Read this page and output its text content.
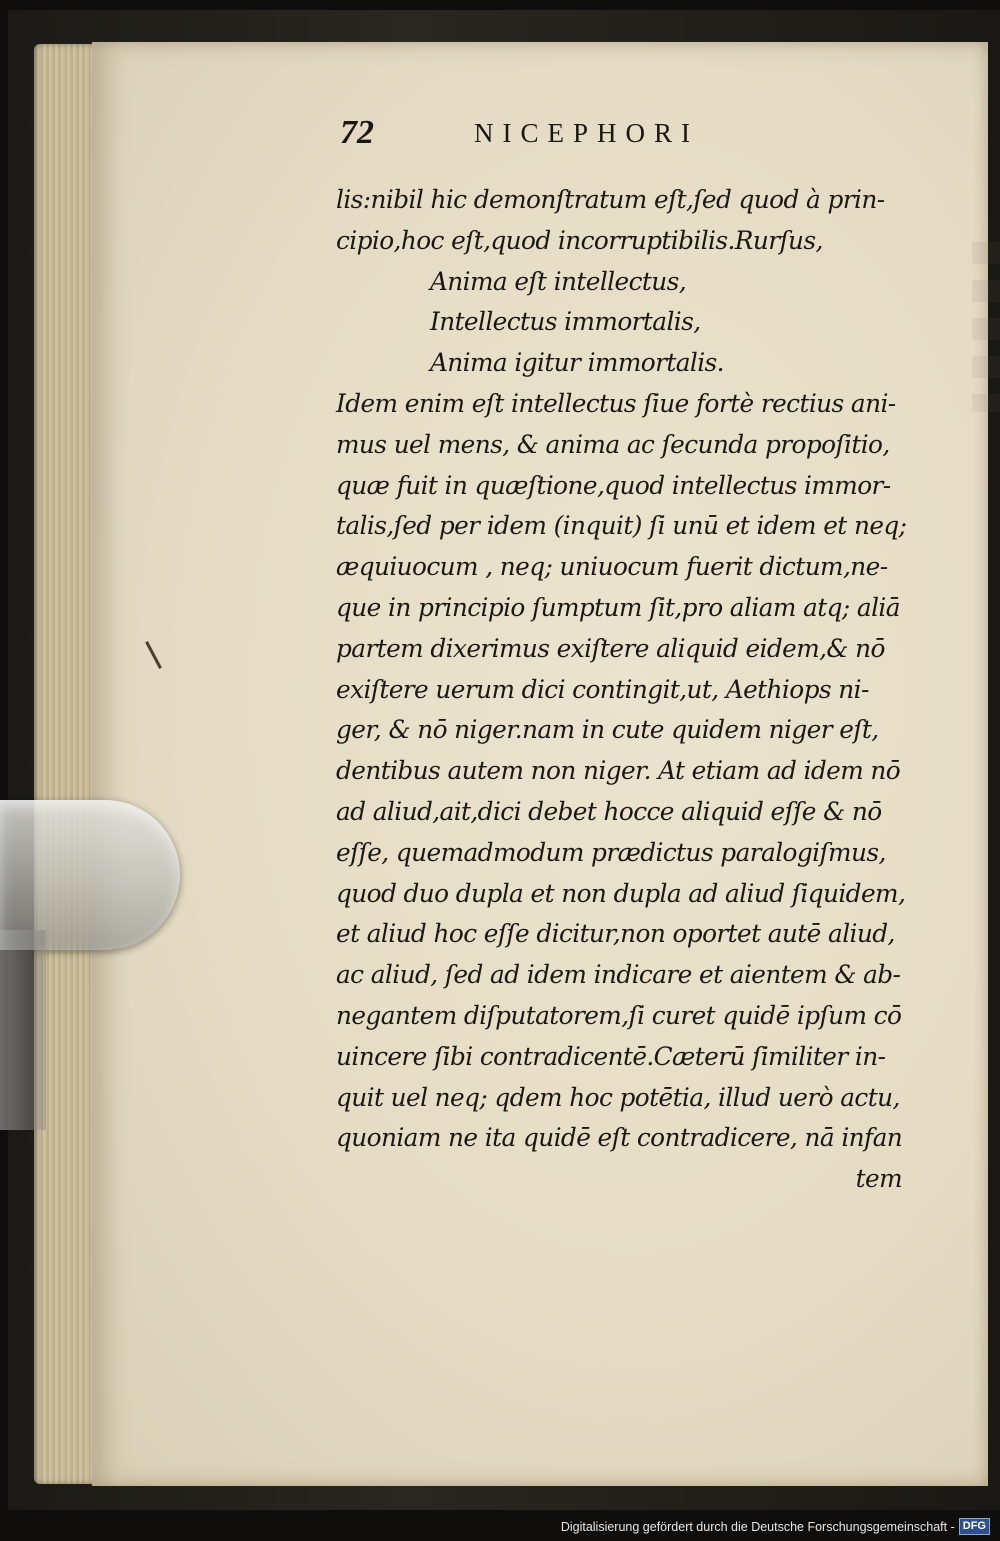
72	NICEPHORI
lis:nibil hic demonſtratum eſt,ſed quod à prin-
cipio,hoc eſt,quod incorruptibilis.Rurſus,
Anima eſt intellectus,
Intellectus immortalis,
Anima igitur immortalis.
Idem enim eſt intellectus ſiue fortè rectius ani-
mus uel mens, & anima ac ſecunda propoſitio,
quæ fuit in quæſtione,quod intellectus immor-
talis,ſed per idem (inquit) ſi unū et idem et neq;
æquiuocum , neq; uniuocum fuerit dictum,ne-
que in principio ſumptum ſit,pro aliam atq; aliā
partem dixerimus exiſtere aliquid eidem,& nō
exiſtere uerum dici contingit,ut, Aethiops ni-
ger, & nō niger.nam in cute quidem niger eſt,
dentibus autem non niger. At etiam ad idem nō
ad aliud,ait,dici debet hocce aliquid eſſe & nō
eſſe, quemadmodum prædictus paralogiſmus,
quod duo dupla et non dupla ad aliud ſiquidem,
et aliud hoc eſſe dicitur,non oportet autē aliud,
ac aliud, ſed ad idem indicare et aientem & ab-
negantem diſputatorem,ſi curet quidē ipſum cō
uincere ſibi contradicentē.Cæterū ſimiliter in-
quit uel neq; qdem hoc potētia, illud uerò actu,
quoniam ne ita quidē eſt contradicere, nā infan
tem
Digitalisierung gefördert durch die Deutsche Forschungsgemeinschaft - DFG
